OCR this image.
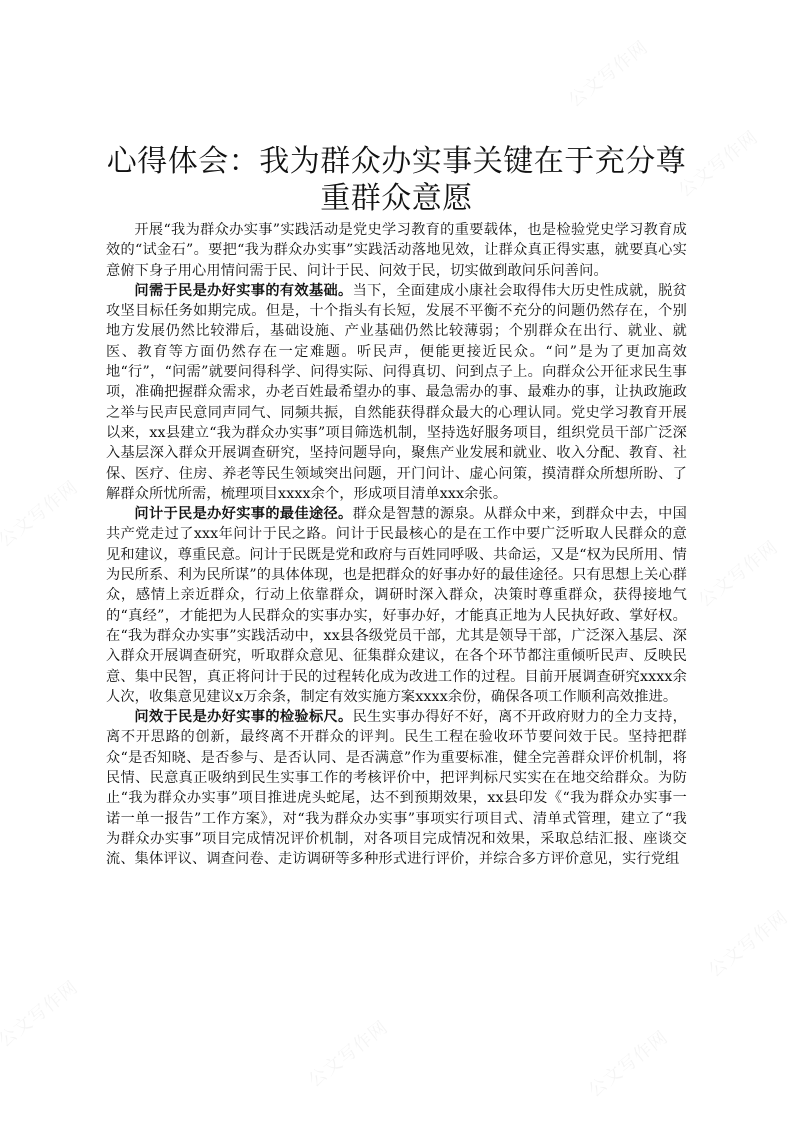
心得体会：我为群众办实事关键在于充分尊重群众意愿

开展“我为群众办实事”实践活动是党史学习教育的重要载体，也是检验党史学习教育成效的“试金石”。要把“我为群众办实事”实践活动落地见效，让群众真正得实惠，就要真心实意俯下身子用心用情问需于民、问计于民、问效于民，切实做到敢问乐问善问。

问需于民是办好实事的有效基础。当下，全面建成小康社会取得伟大历史性成就，脱贫攻坚目标任务如期完成。但是，十个指头有长短，发展不平衡不充分的问题仍然存在，个别地方发展仍然比较滞后，基础设施、产业基础仍然比较薄弱；个别群众在出行、就业、就医、教育等方面仍然存在一定难题。听民声，便能更接近民众。“问”是为了更加高效地“行”，“问需”就要问得科学、问得实际、问得真切、问到点子上。向群众公开征求民生事项，准确把握群众需求，办老百姓最希望办的事、最急需办的事、最难办的事，让执政施政之举与民声民意同声同气、同频共振，自然能获得群众最大的心理认同。党史学习教育开展以来，xx县建立“我为群众办实事”项目筛选机制，坚持选好服务项目，组织党员干部广泛深入基层深入群众开展调查研究，坚持问题导向，聚焦产业发展和就业、收入分配、教育、社保、医疗、住房、养老等民生领域突出问题，开门问计、虚心问策，摸清群众所想所盼、了解群众所忧所需，梳理项目xxxx余个，形成项目清单xxx余张。

问计于民是办好实事的最佳途径。群众是智慧的源泉。从群众中来，到群众中去，中国共产党走过了xxx年问计于民之路。问计于民最核心的是在工作中要广泛听取人民群众的意见和建议，尊重民意。问计于民既是党和政府与百姓同呼吸、共命运，又是“权为民所用、情为民所系、利为民所谋”的具体体现，也是把群众的好事办好的最佳途径。只有思想上关心群众，感情上亲近群众，行动上依靠群众，调研时深入群众，决策时尊重群众，获得接地气的“真经”，才能把为人民群众的实事办实，好事办好，才能真正地为人民执好政、掌好权。在“我为群众办实事”实践活动中，xx县各级党员干部，尤其是领导干部，广泛深入基层、深入群众开展调查研究，听取群众意见、征集群众建议，在各个环节都注重倾听民声、反映民意、集中民智，真正将问计于民的过程转化成为改进工作的过程。目前开展调查研究xxxx余人次，收集意见建议x万余条，制定有效实施方案xxxx余份，确保各项工作顺利高效推进。

问效于民是办好实事的检验标尺。民生实事办得好不好，离不开政府财力的全力支持，离不开思路的创新，最终离不开群众的评判。民生工程在验收环节要问效于民。坚持把群众“是否知晓、是否参与、是否认同、是否满意”作为重要标准，健全完善群众评价机制，将民情、民意真正吸纳到民生实事工作的考核评价中，把评判标尺实实在在地交给群众。为防止“我为群众办实事”项目推进虎头蛇尾，达不到预期效果，xx县印发《“我为群众办实事一诺一单一报告”工作方案》，对“我为群众办实事”事项实行项目式、清单式管理，建立了“我为群众办实事”项目完成情况评价机制，对各项目完成情况和效果，采取总结汇报、座谈交流、集体评议、调查问卷、走访调研等多种形式进行评价，并综合多方评价意见，实行党组
